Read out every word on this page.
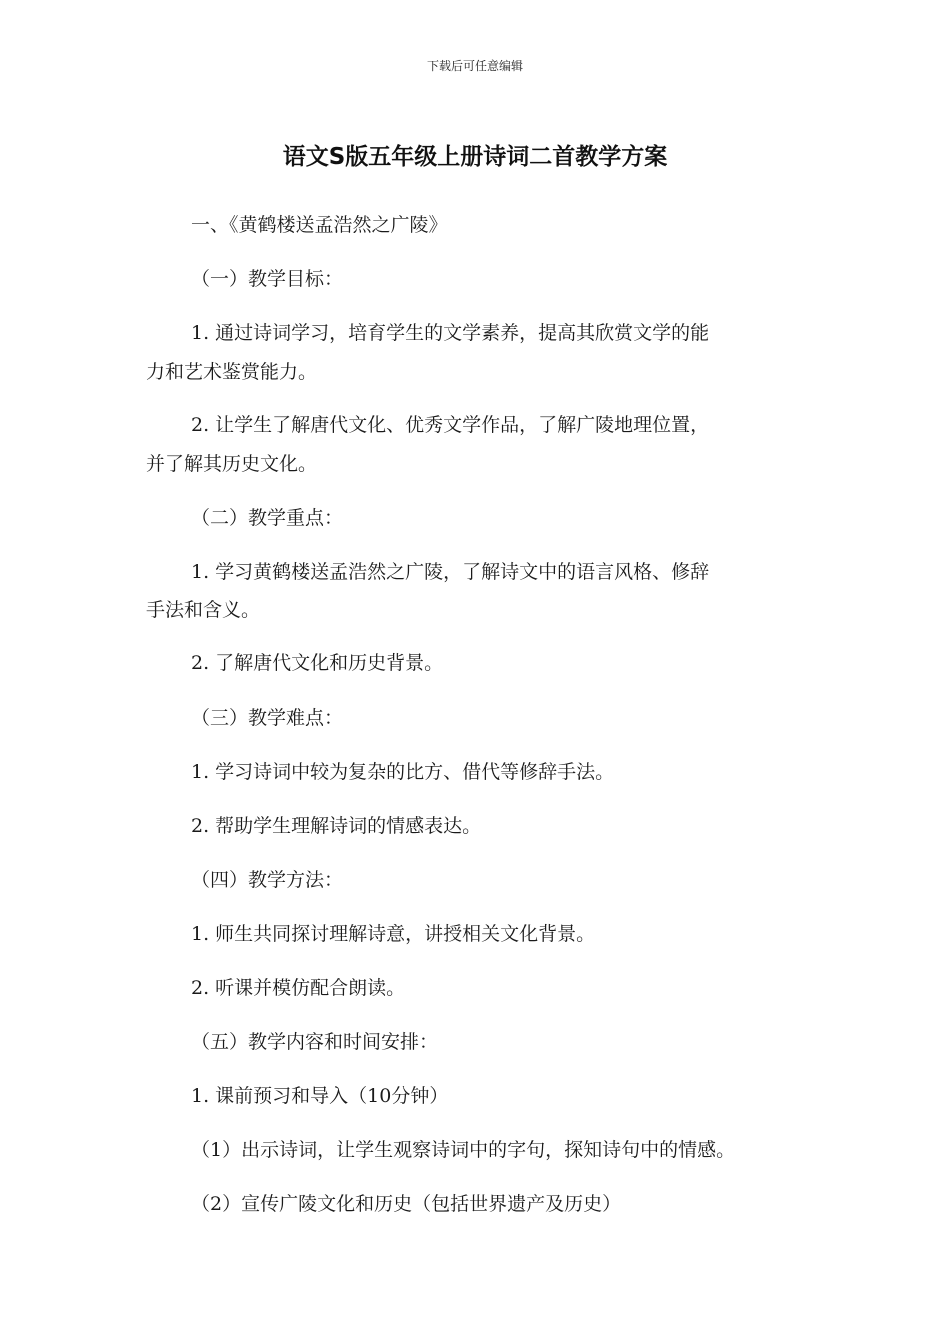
下载后可任意编辑
语文S版五年级上册诗词二首教学方案
一、《黄鹤楼送孟浩然之广陵》
（一）教学目标：
1. 通过诗词学习，培育学生的文学素养，提高其欣赏文学的能
力和艺术鉴赏能力。
2. 让学生了解唐代文化、优秀文学作品，了解广陵地理位置，
并了解其历史文化。
（二）教学重点：
1. 学习黄鹤楼送孟浩然之广陵，了解诗文中的语言风格、修辞
手法和含义。
2. 了解唐代文化和历史背景。
（三）教学难点：
1. 学习诗词中较为复杂的比方、借代等修辞手法。
2. 帮助学生理解诗词的情感表达。
（四）教学方法：
1. 师生共同探讨理解诗意，讲授相关文化背景。
2. 听课并模仿配合朗读。
（五）教学内容和时间安排：
1. 课前预习和导入（10分钟）
（1）出示诗词，让学生观察诗词中的字句，探知诗句中的情感。
（2）宣传广陵文化和历史（包括世界遗产及历史）
